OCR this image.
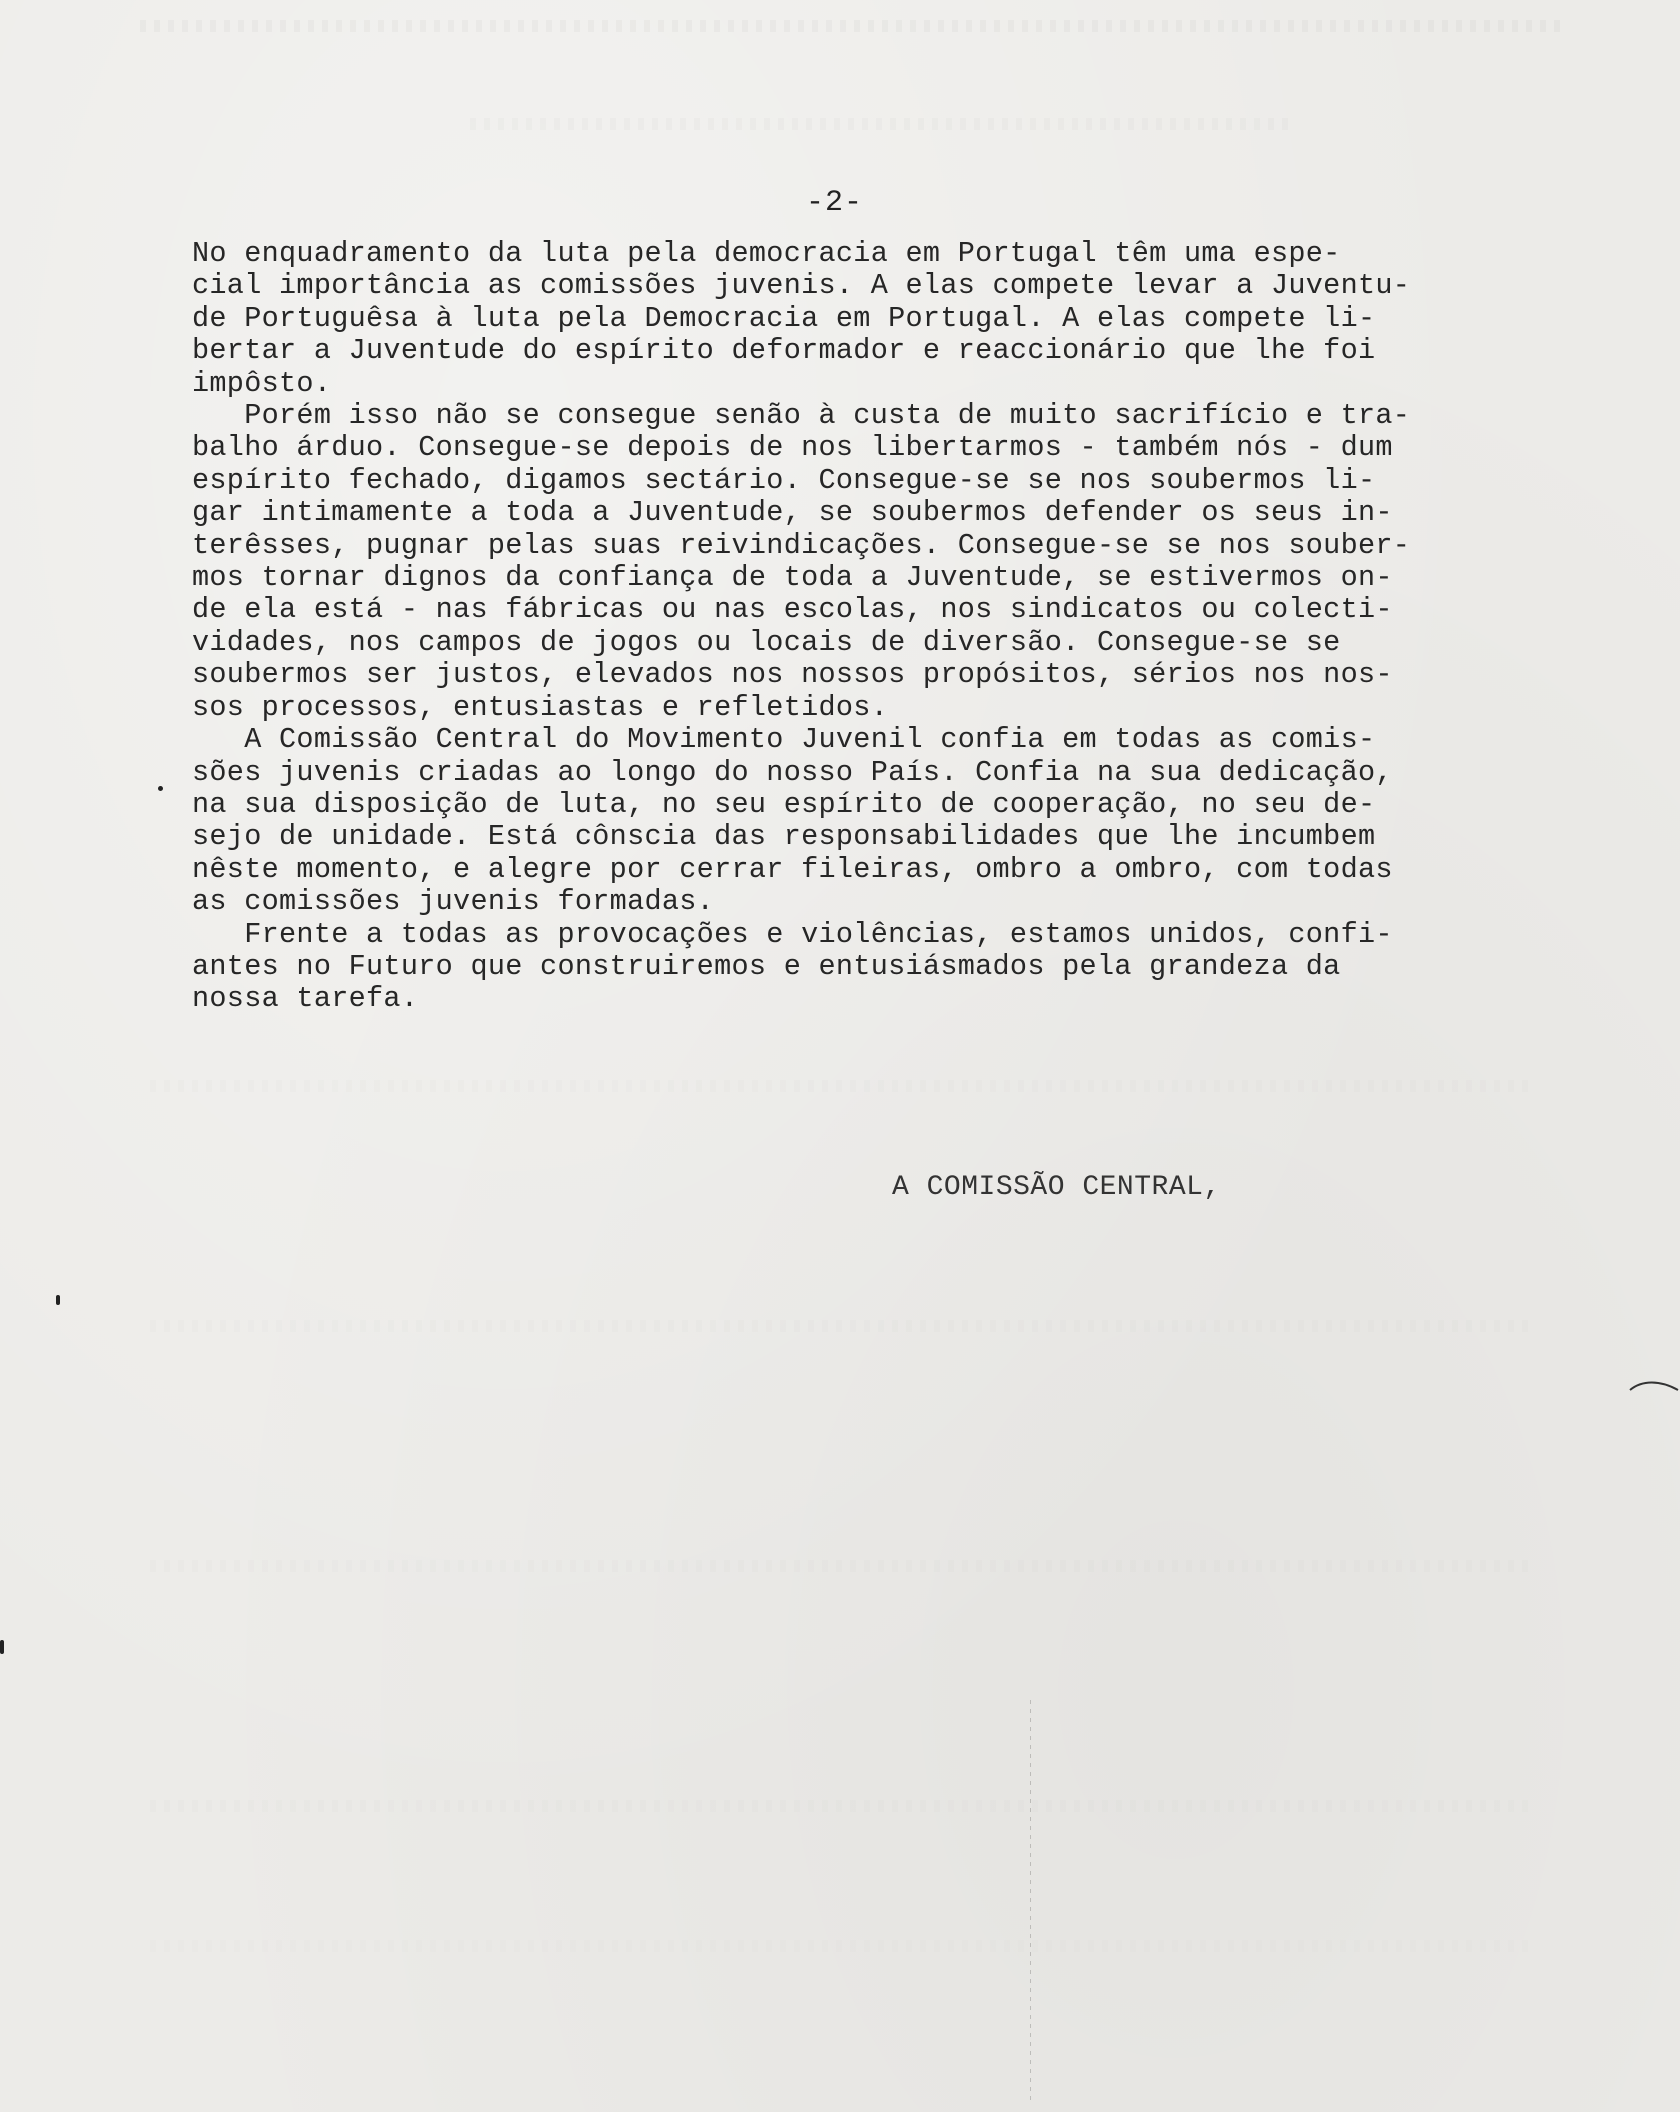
-2-
No enquadramento da luta pela democracia em Portugal têm uma espe-
cial importância as comissões juvenis. A elas compete levar a Juventu-
de Portuguêsa à luta pela Democracia em Portugal. A elas compete li-
bertar a Juventude do espírito deformador e reaccionário que lhe foi
impôsto.
Porém isso não se consegue senão à custa de muito sacrifício e tra-
balho árduo. Consegue-se depois de nos libertarmos - também nós - dum
espírito fechado, digamos sectário. Consegue-se se nos soubermos li-
gar intimamente a toda a Juventude, se soubermos defender os seus in-
terêsses, pugnar pelas suas reivindicações. Consegue-se se nos souber-
mos tornar dignos da confiança de toda a Juventude, se estivermos on-
de ela está - nas fábricas ou nas escolas, nos sindicatos ou colecti-
vidades, nos campos de jogos ou locais de diversão. Consegue-se se
soubermos ser justos, elevados nos nossos propósitos, sérios nos nos-
sos processos, entusiastas e refletidos.
A Comissão Central do Movimento Juvenil confia em todas as comis-
sões juvenis criadas ao longo do nosso País. Confia na sua dedicação,
na sua disposição de luta, no seu espírito de cooperação, no seu de-
sejo de unidade. Está cônscia das responsabilidades que lhe incumbem
nêste momento, e alegre por cerrar fileiras, ombro a ombro, com todas
as comissões juvenis formadas.
Frente a todas as provocações e violências, estamos unidos, confi-
antes no Futuro que construiremos e entusiásmados pela grandeza da
nossa tarefa.
A COMISSÃO CENTRAL,
